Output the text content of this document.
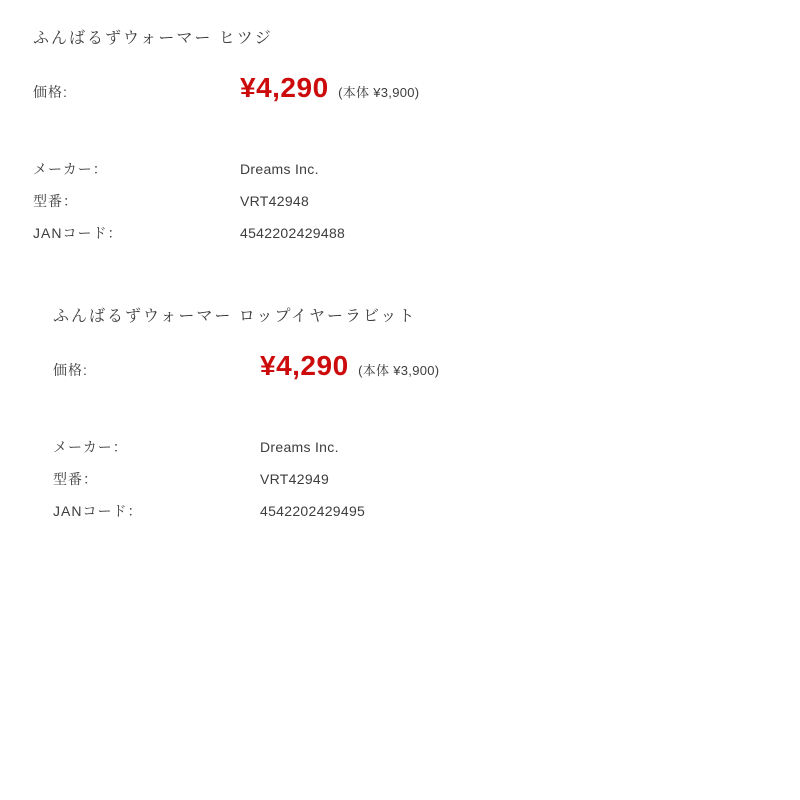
ふんばるずウォーマー ヒツジ
価格:	¥4,290 (本体 ¥3,900)
メーカー：	Dreams Inc.
型番：	VRT42948
JANコード：	4542202429488
ふんばるずウォーマー ロップイヤーラビット
価格:	¥4,290 (本体 ¥3,900)
メーカー：	Dreams Inc.
型番：	VRT42949
JANコード：	4542202429495
